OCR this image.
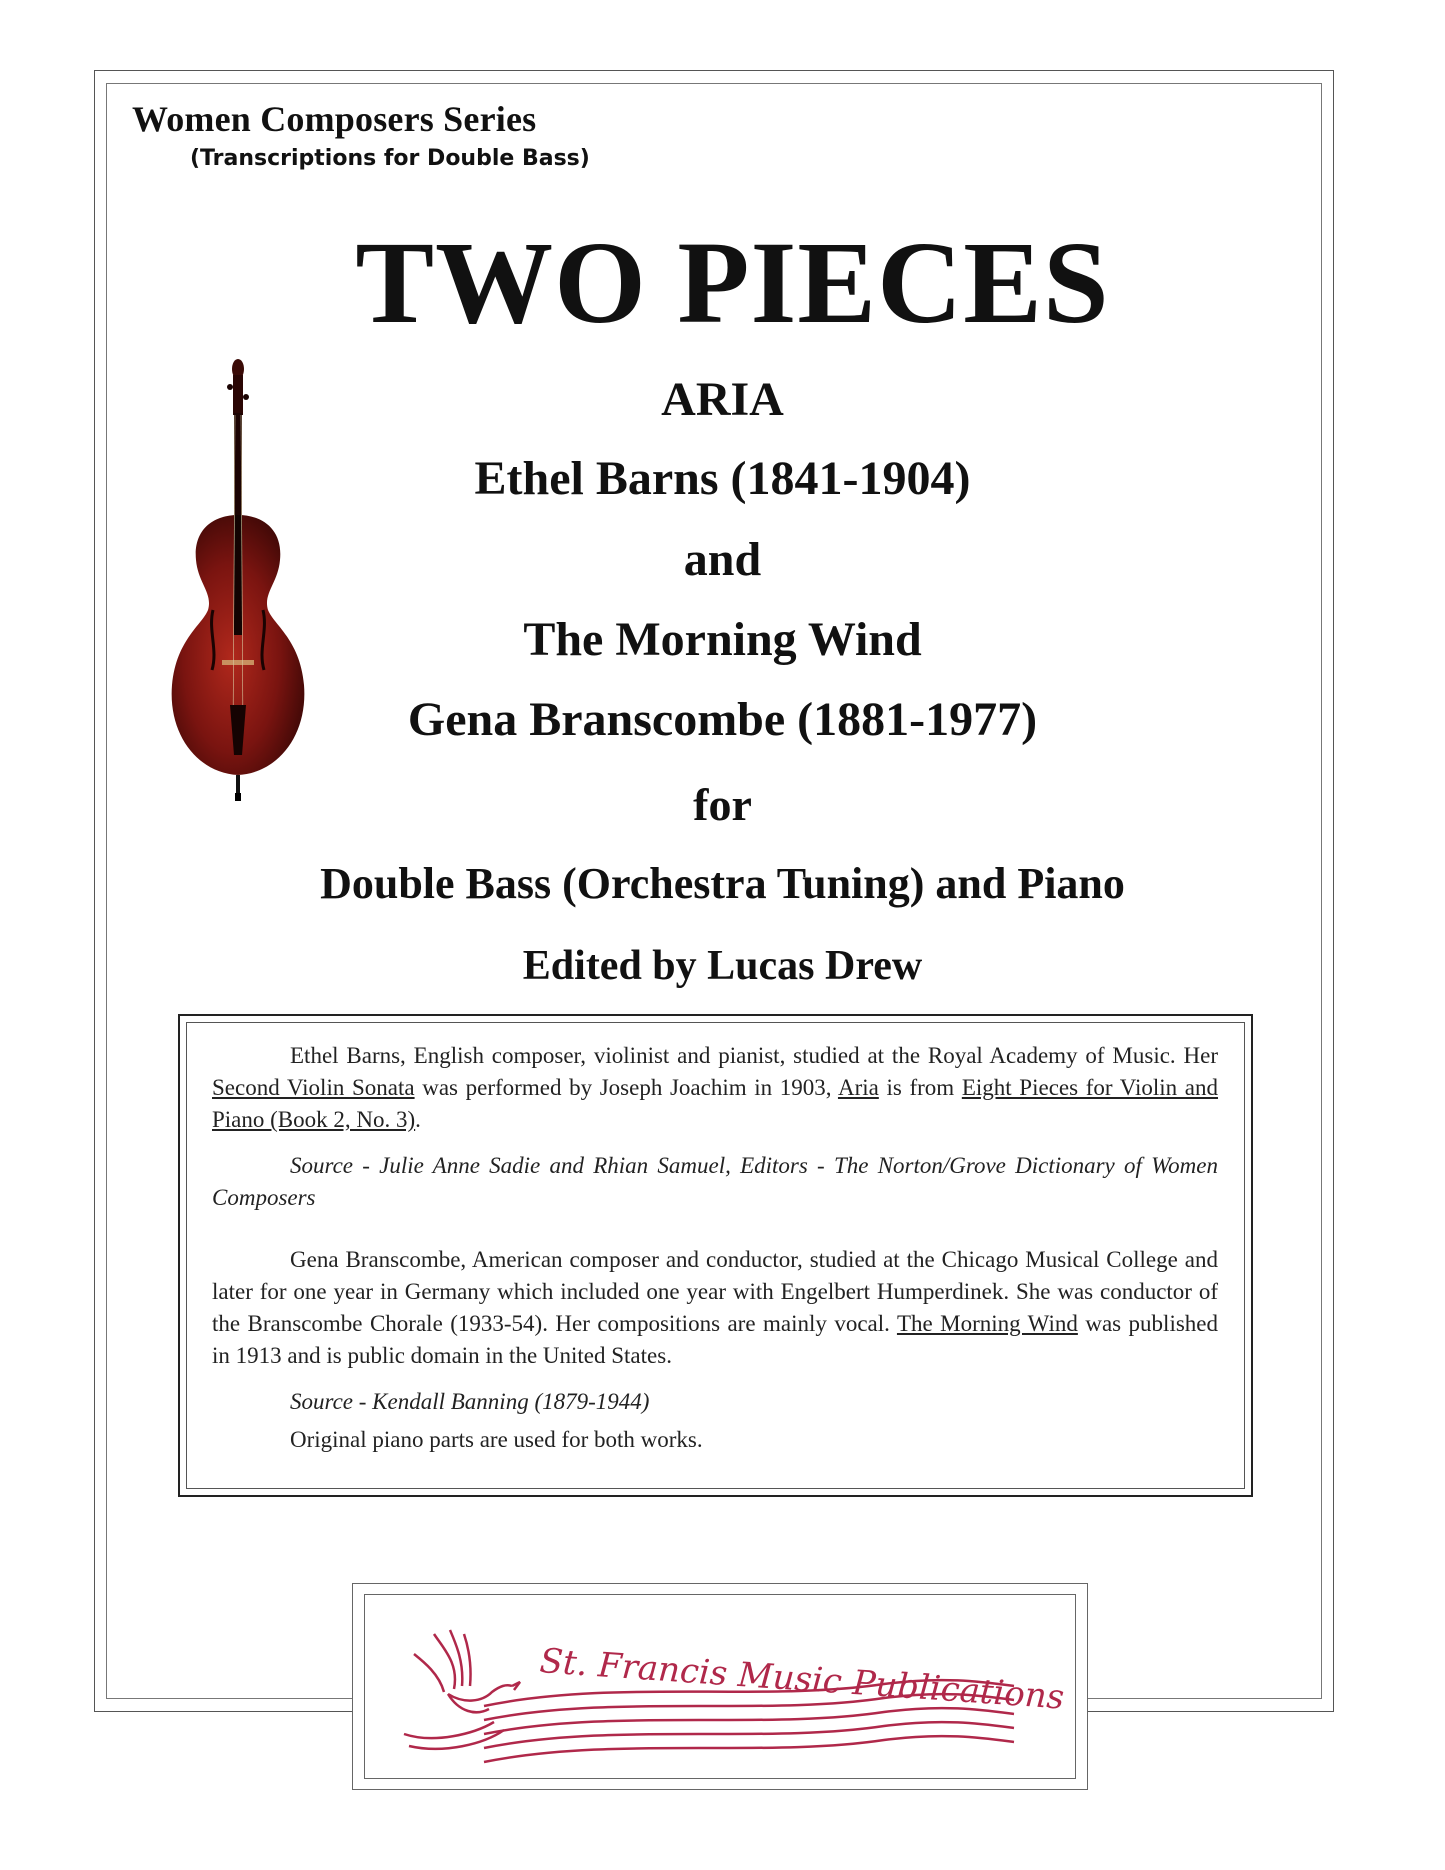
Women Composers Series
(Transcriptions for Double Bass)
TWO PIECES
ARIA
Ethel Barns (1841-1904)
and
The Morning Wind
Gena Branscombe (1881-1977)
for
Double Bass (Orchestra Tuning) and Piano
Edited by Lucas Drew

Ethel Barns, English composer, violinist and pianist, studied at the Royal Academy of Music. Her Second Violin Sonata was performed by Joseph Joachim in 1903, Aria is from Eight Pieces for Violin and Piano (Book 2, No. 3).

Source - Julie Anne Sadie and Rhian Samuel, Editors - The Norton/Grove Dictionary of Women Composers

Gena Branscombe, American composer and conductor, studied at the Chicago Musical College and later for one year in Germany which included one year with Engelbert Humperdinek. She was conductor of the Branscombe Chorale (1933-54). Her compositions are mainly vocal. The Morning Wind was published in 1913 and is public domain in the United States.

Source - Kendall Banning (1879-1944)

Original piano parts are used for both works.

St. Francis Music Publications
